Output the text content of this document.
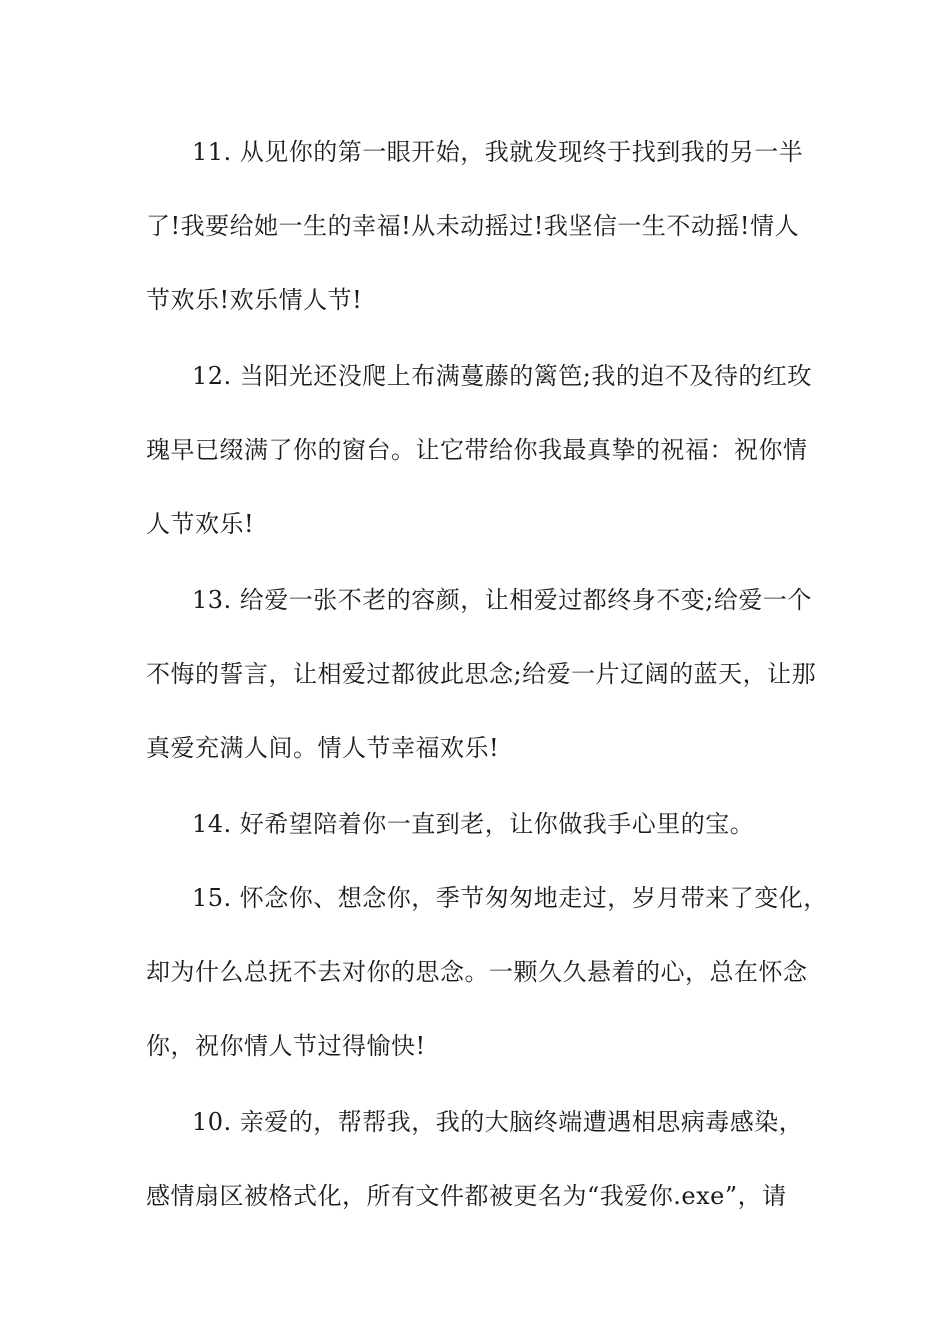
11. 从见你的第一眼开始，我就发现终于找到我的另一半
了!我要给她一生的幸福!从未动摇过!我坚信一生不动摇!情人
节欢乐!欢乐情人节!
12. 当阳光还没爬上布满蔓藤的篱笆;我的迫不及待的红玫
瑰早已缀满了你的窗台。让它带给你我最真挚的祝福：祝你情
人节欢乐!
13. 给爱一张不老的容颜，让相爱过都终身不变;给爱一个
不悔的誓言，让相爱过都彼此思念;给爱一片辽阔的蓝天，让那
真爱充满人间。情人节幸福欢乐!
14. 好希望陪着你一直到老，让你做我手心里的宝。
15. 怀念你、想念你，季节匆匆地走过，岁月带来了变化，
却为什么总抚不去对你的思念。一颗久久悬着的心，总在怀念
你，祝你情人节过得愉快!
10. 亲爱的，帮帮我，我的大脑终端遭遇相思病毒感染，
感情扇区被格式化，所有文件都被更名为“我爱你.exe”，请
